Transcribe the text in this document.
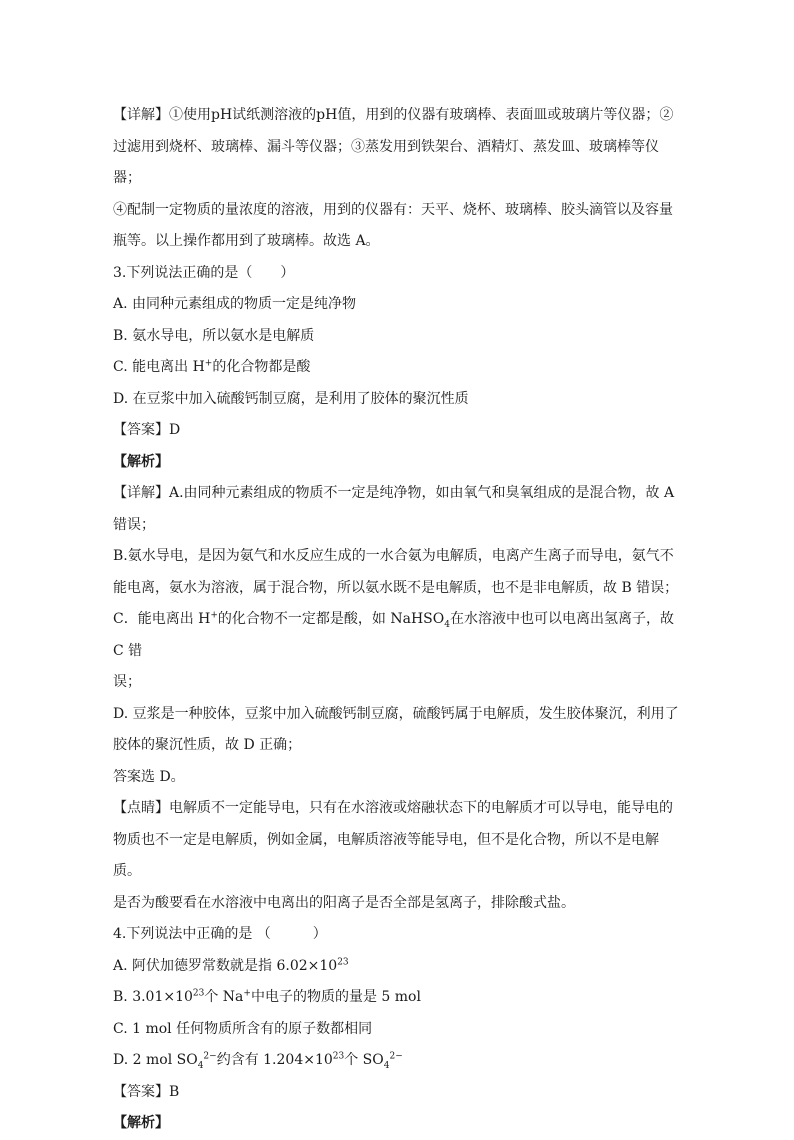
【详解】①使用pH试纸测溶液的pH值，用到的仪器有玻璃棒、表面皿或玻璃片等仪器；②

过滤用到烧杯、玻璃棒、漏斗等仪器；③蒸发用到铁架台、酒精灯、蒸发皿、玻璃棒等仪器；

④配制一定物质的量浓度的溶液，用到的仪器有：天平、烧杯、玻璃棒、胶头滴管以及容量

瓶等。以上操作都用到了玻璃棒。故选 A。

3.下列说法正确的是（　　）

A. 由同种元素组成的物质一定是纯净物

B. 氨水导电，所以氨水是电解质

C. 能电离出 H+的化合物都是酸

D. 在豆浆中加入硫酸钙制豆腐，是利用了胶体的聚沉性质

【答案】D

【解析】

【详解】A.由同种元素组成的物质不一定是纯净物，如由氧气和臭氧组成的是混合物，故 A

错误；

B.氨水导电，是因为氨气和水反应生成的一水合氨为电解质，电离产生离子而导电，氨气不

能电离，氨水为溶液，属于混合物，所以氨水既不是电解质，也不是非电解质，故 B 错误；

C．能电离出 H+的化合物不一定都是酸，如 NaHSO$_4$在水溶液中也可以电离出氢离子，故 C 错

误；

D. 豆浆是一种胶体，豆浆中加入硫酸钙制豆腐，硫酸钙属于电解质，发生胶体聚沉，利用了

胶体的聚沉性质，故 D 正确；

答案选 D。

【点睛】电解质不一定能导电，只有在水溶液或熔融状态下的电解质才可以导电，能导电的

物质也不一定是电解质，例如金属，电解质溶液等能导电，但不是化合物，所以不是电解质。

是否为酸要看在水溶液中电离出的阳离子是否全部是氢离子，排除酸式盐。

4.下列说法中正确的是 （　　　）

A. 阿伏加德罗常数就是指 $6.02\times 10^{23}$

B. $3.01\times 10^{23}$个 Na+中电子的物质的量是 5 mol

C. 1 mol 任何物质所含有的原子数都相同

D. 2 mol $SO_4^{2-}$约含有 $1.204\times 10^{23}$个 $SO_4^{2-}$

【答案】B

【解析】
